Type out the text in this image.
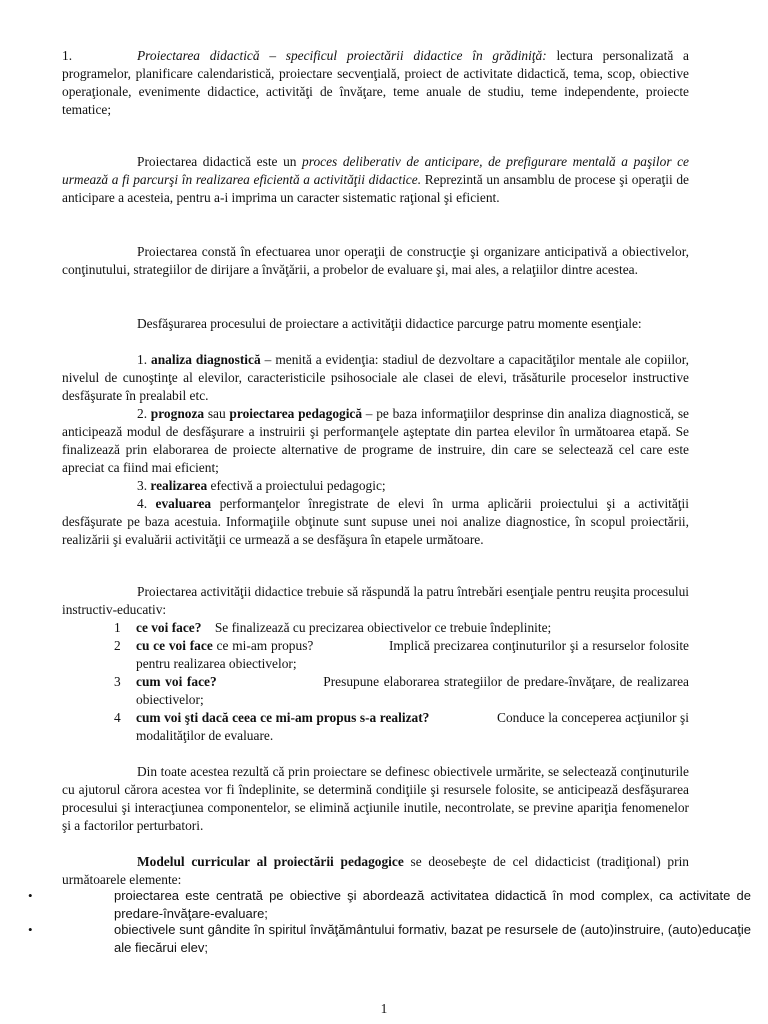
1.	Proiectarea didactică – specificul proiectării didactice în grădiniţă: lectura personalizată a programelor, planificare calendaristică, proiectare secvenţială, proiect de activitate didactică, tema, scop, obiective operaţionale, evenimente didactice, activităţi de învăţare, teme anuale de studiu, teme independente, proiecte tematice;

Proiectarea didactică este un proces deliberativ de anticipare, de prefigurare mentală a paşilor ce urmează a fi parcurşi în realizarea eficientă a activităţii didactice. Reprezintă un ansamblu de procese şi operaţii de anticipare a acesteia, pentru a-i imprima un caracter sistematic raţional şi eficient.

Proiectarea constă în efectuarea unor operaţii de construcţie şi organizare anticipativă a obiectivelor, conţinutului, strategiilor de dirijare a învăţării, a probelor de evaluare şi, mai ales, a relaţiilor dintre acestea.

Desfăşurarea procesului de proiectare a activităţii didactice parcurge patru momente esenţiale:

1. analiza diagnostică – menită a evidenţia: stadiul de dezvoltare a capacităţilor mentale ale copiilor, nivelul de cunoştinţe al elevilor, caracteristicile psihosociale ale clasei de elevi, trăsăturile proceselor instructive desfăşurate în prealabil etc.

2. prognoza sau proiectarea pedagogică – pe baza informaţiilor desprinse din analiza diagnostică, se anticipează modul de desfăşurare a instruirii şi performanţele aşteptate din partea elevilor în următoarea etapă. Se finalizează prin elaborarea de proiecte alternative de programe de instruire, din care se selectează cel care este apreciat ca fiind mai eficient;

3. realizarea efectivă a proiectului pedagogic;

4. evaluarea performanţelor înregistrate de elevi în urma aplicării proiectului şi a activităţii desfăşurate pe baza acestuia. Informaţiile obţinute sunt supuse unei noi analize diagnostice, în scopul proiectării, realizării şi evaluării activităţii ce urmează a se desfăşura în etapele următoare.

Proiectarea activităţii didactice trebuie să răspundă la patru întrebări esenţiale pentru reuşita procesului instructiv-educativ:

1 ce voi face?    Se finalizează cu precizarea obiectivelor ce trebuie îndeplinite;
2 cu ce voi face ce mi-am propus?                    Implică precizarea conţinuturilor şi a resurselor folosite pentru realizarea obiectivelor;
3 cum voi face?                       Presupune elaborarea strategiilor de predare-învăţare, de realizarea obiectivelor;
4 cum voi şti dacă ceea ce mi-am propus s-a realizat?                   Conduce la conceperea acţiunilor şi modalităţilor de evaluare.

Din toate acestea rezultă că prin proiectare se definesc obiectivele urmărite, se selectează conţinuturile cu ajutorul cărora acestea vor fi îndeplinite, se determină condiţiile şi resursele folosite, se anticipează desfăşurarea procesului şi interacţiunea componentelor, se elimină acţiunile inutile, necontrolate, se previne apariţia fenomenelor şi a factorilor perturbatori.

Modelul curricular al proiectării pedagogice se deosebeşte de cel didacticist (tradiţional) prin următoarele elemente:

•	proiectarea este centrată pe obiective şi abordează activitatea didactică în mod complex, ca activitate de predare-învăţare-evaluare;
•	obiectivele sunt gândite în spiritul învăţământului formativ, bazat pe resursele de (auto)instruire, (auto)educaţie ale fiecărui elev;
1
